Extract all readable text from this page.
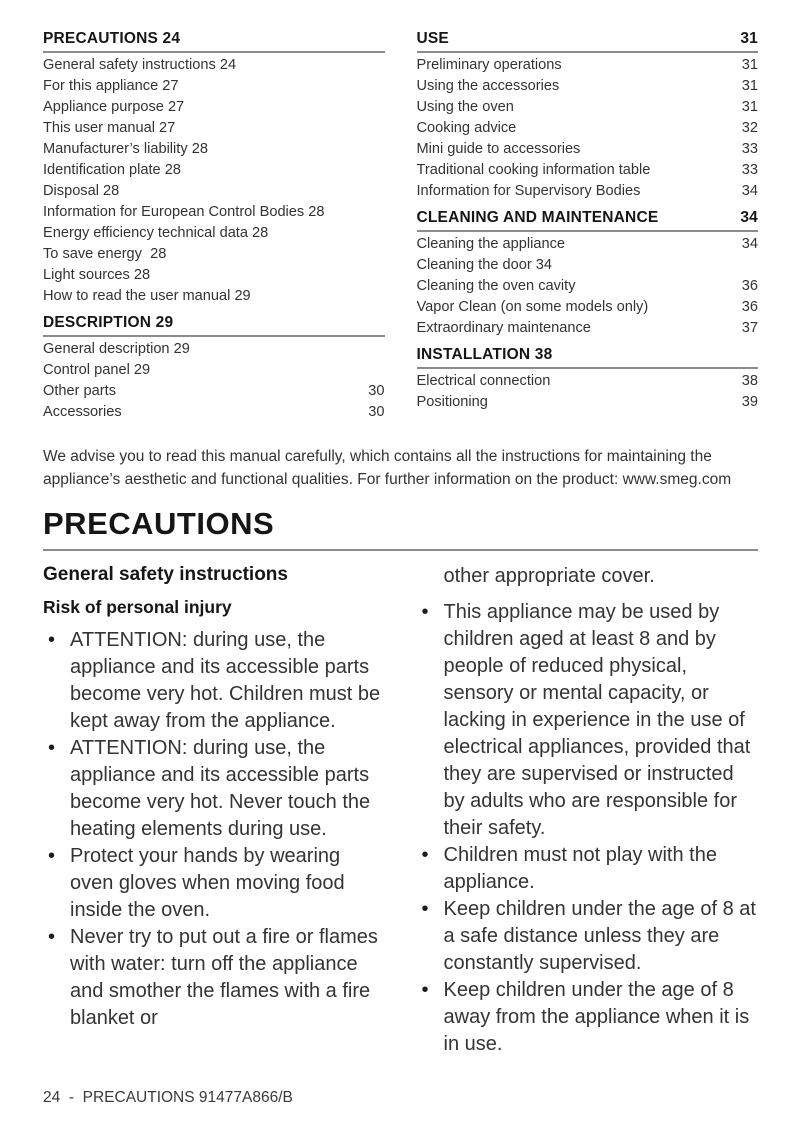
PRECAUTIONS 24
General safety instructions 24
For this appliance 27
Appliance purpose 27
This user manual 27
Manufacturer’s liability 28
Identification plate 28
Disposal 28
Information for European Control Bodies 28
Energy efficiency technical data 28
To save energy  28
Light sources 28
How to read the user manual 29
DESCRIPTION 29
General description 29
Control panel 29
Other parts	30
Accessories	30
USE	31
Preliminary operations	31
Using the accessories	31
Using the oven	31
Cooking advice	32
Mini guide to accessories	33
Traditional cooking information table	33
Information for Supervisory Bodies	34
CLEANING AND MAINTENANCE	34
Cleaning the appliance	34
Cleaning the door 34
Cleaning the oven cavity	36
Vapor Clean (on some models only)	36
Extraordinary maintenance	37
INSTALLATION 38
Electrical connection	38
Positioning	39

We advise you to read this manual carefully, which contains all the instructions for maintaining the appliance’s aesthetic and functional qualities. For further information on the product: www.smeg.com

PRECAUTIONS
General safety instructions
Risk of personal injury
• ATTENTION: during use, the appliance and its accessible parts become very hot. Children must be kept away from the appliance.
• ATTENTION: during use, the appliance and its accessible parts become very hot. Never touch the heating elements during use.
• Protect your hands by wearing oven gloves when moving food inside the oven.
• Never try to put out a fire or flames with water: turn off the appliance and smother the flames with a fire blanket or

other appropriate cover.

• This appliance may be used by children aged at least 8 and by people of reduced physical, sensory or mental capacity, or lacking in experience in the use of electrical appliances, provided that they are supervised or instructed by adults who are responsible for their safety.
• Children must not play with the appliance.
• Keep children under the age of 8 at a safe distance unless they are constantly supervised.
• Keep children under the age of 8 away from the appliance when it is in use.
24  -  PRECAUTIONS 91477A866/B
